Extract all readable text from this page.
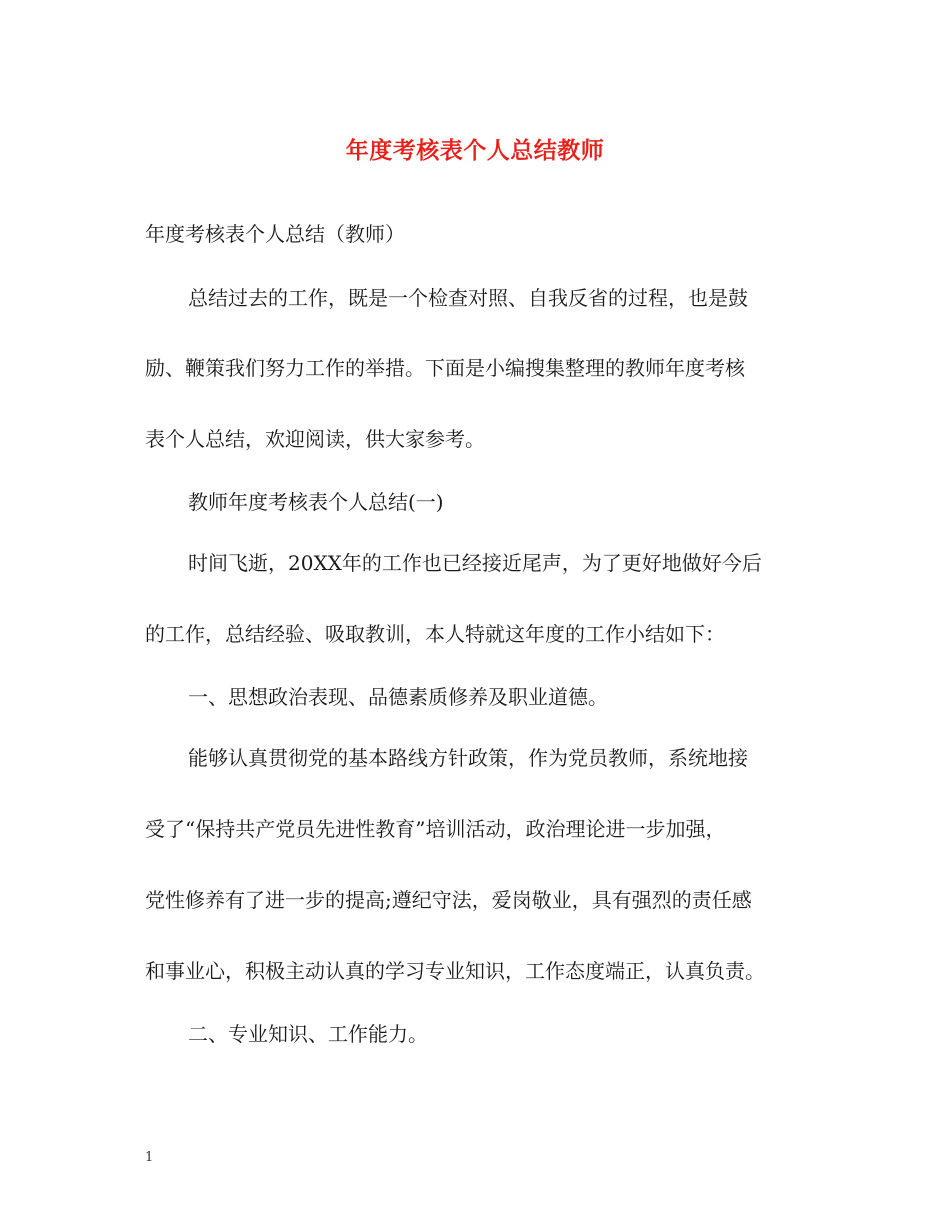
年度考核表个人总结教师
年度考核表个人总结（教师）
总结过去的工作，既是一个检查对照、自我反省的过程，也是鼓
励、鞭策我们努力工作的举措。下面是小编搜集整理的教师年度考核
表个人总结，欢迎阅读，供大家参考。
教师年度考核表个人总结(一)
时间飞逝，20XX年的工作也已经接近尾声，为了更好地做好今后
的工作，总结经验、吸取教训，本人特就这年度的工作小结如下：
一、思想政治表现、品德素质修养及职业道德。
能够认真贯彻党的基本路线方针政策，作为党员教师，系统地接
受了“保持共产党员先进性教育”培训活动，政治理论进一步加强，
党性修养有了进一步的提高;遵纪守法，爱岗敬业，具有强烈的责任感
和事业心，积极主动认真的学习专业知识，工作态度端正，认真负责。
二、专业知识、工作能力。
1
